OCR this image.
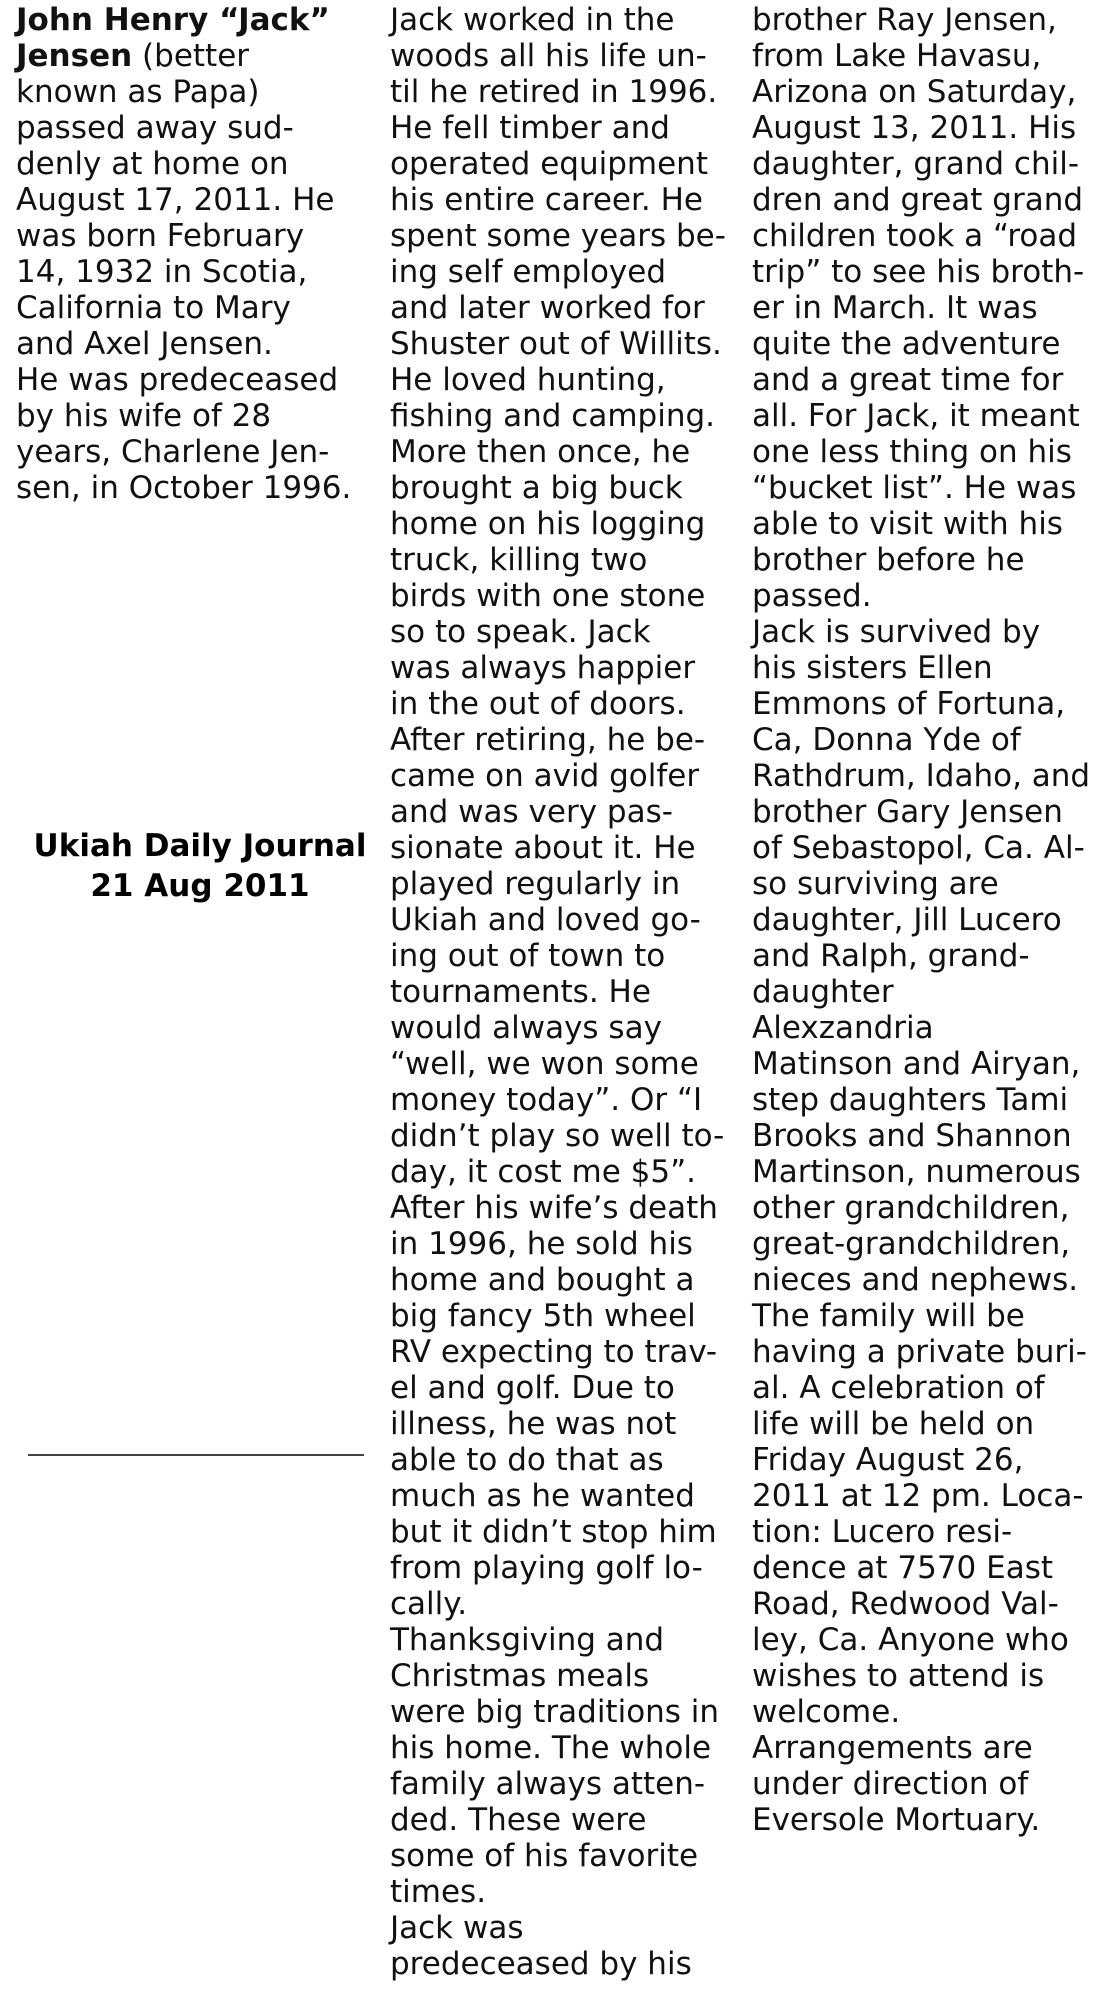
John Henry “Jack”
Jensen (better
known as Papa)
passed away sud-
denly at home on
August 17, 2011. He
was born February
14, 1932 in Scotia,
California to Mary
and Axel Jensen.
He was predeceased
by his wife of 28
years, Charlene Jen-
sen, in October 1996.
Ukiah Daily Journal
21 Aug 2011
Jack worked in the
woods all his life un-
til he retired in 1996.
He fell timber and
operated equipment
his entire career. He
spent some years be-
ing self employed
and later worked for
Shuster out of Willits.
He loved hunting,
fishing and camping.
More then once, he
brought a big buck
home on his logging
truck, killing two
birds with one stone
so to speak. Jack
was always happier
in the out of doors.
After retiring, he be-
came on avid golfer
and was very pas-
sionate about it. He
played regularly in
Ukiah and loved go-
ing out of town to
tournaments. He
would always say
“well, we won some
money today”. Or “I
didn’t play so well to-
day, it cost me $5”.
After his wife’s death
in 1996, he sold his
home and bought a
big fancy 5th wheel
RV expecting to trav-
el and golf. Due to
illness, he was not
able to do that as
much as he wanted
but it didn’t stop him
from playing golf lo-
cally.
Thanksgiving and
Christmas meals
were big traditions in
his home. The whole
family always atten-
ded. These were
some of his favorite
times.
Jack was
predeceased by his
brother Ray Jensen,
from Lake Havasu,
Arizona on Saturday,
August 13, 2011. His
daughter, grand chil-
dren and great grand
children took a “road
trip” to see his broth-
er in March. It was
quite the adventure
and a great time for
all. For Jack, it meant
one less thing on his
“bucket list”. He was
able to visit with his
brother before he
passed.
Jack is survived by
his sisters Ellen
Emmons of Fortuna,
Ca, Donna Yde of
Rathdrum, Idaho, and
brother Gary Jensen
of Sebastopol, Ca. Al-
so surviving are
daughter, Jill Lucero
and Ralph, grand-
daughter
Alexzandria
Matinson and Airyan,
step daughters Tami
Brooks and Shannon
Martinson, numerous
other grandchildren,
great-grandchildren,
nieces and nephews.
The family will be
having a private buri-
al. A celebration of
life will be held on
Friday August 26,
2011 at 12 pm. Loca-
tion: Lucero resi-
dence at 7570 East
Road, Redwood Val-
ley, Ca. Anyone who
wishes to attend is
welcome.
Arrangements are
under direction of
Eversole Mortuary.
